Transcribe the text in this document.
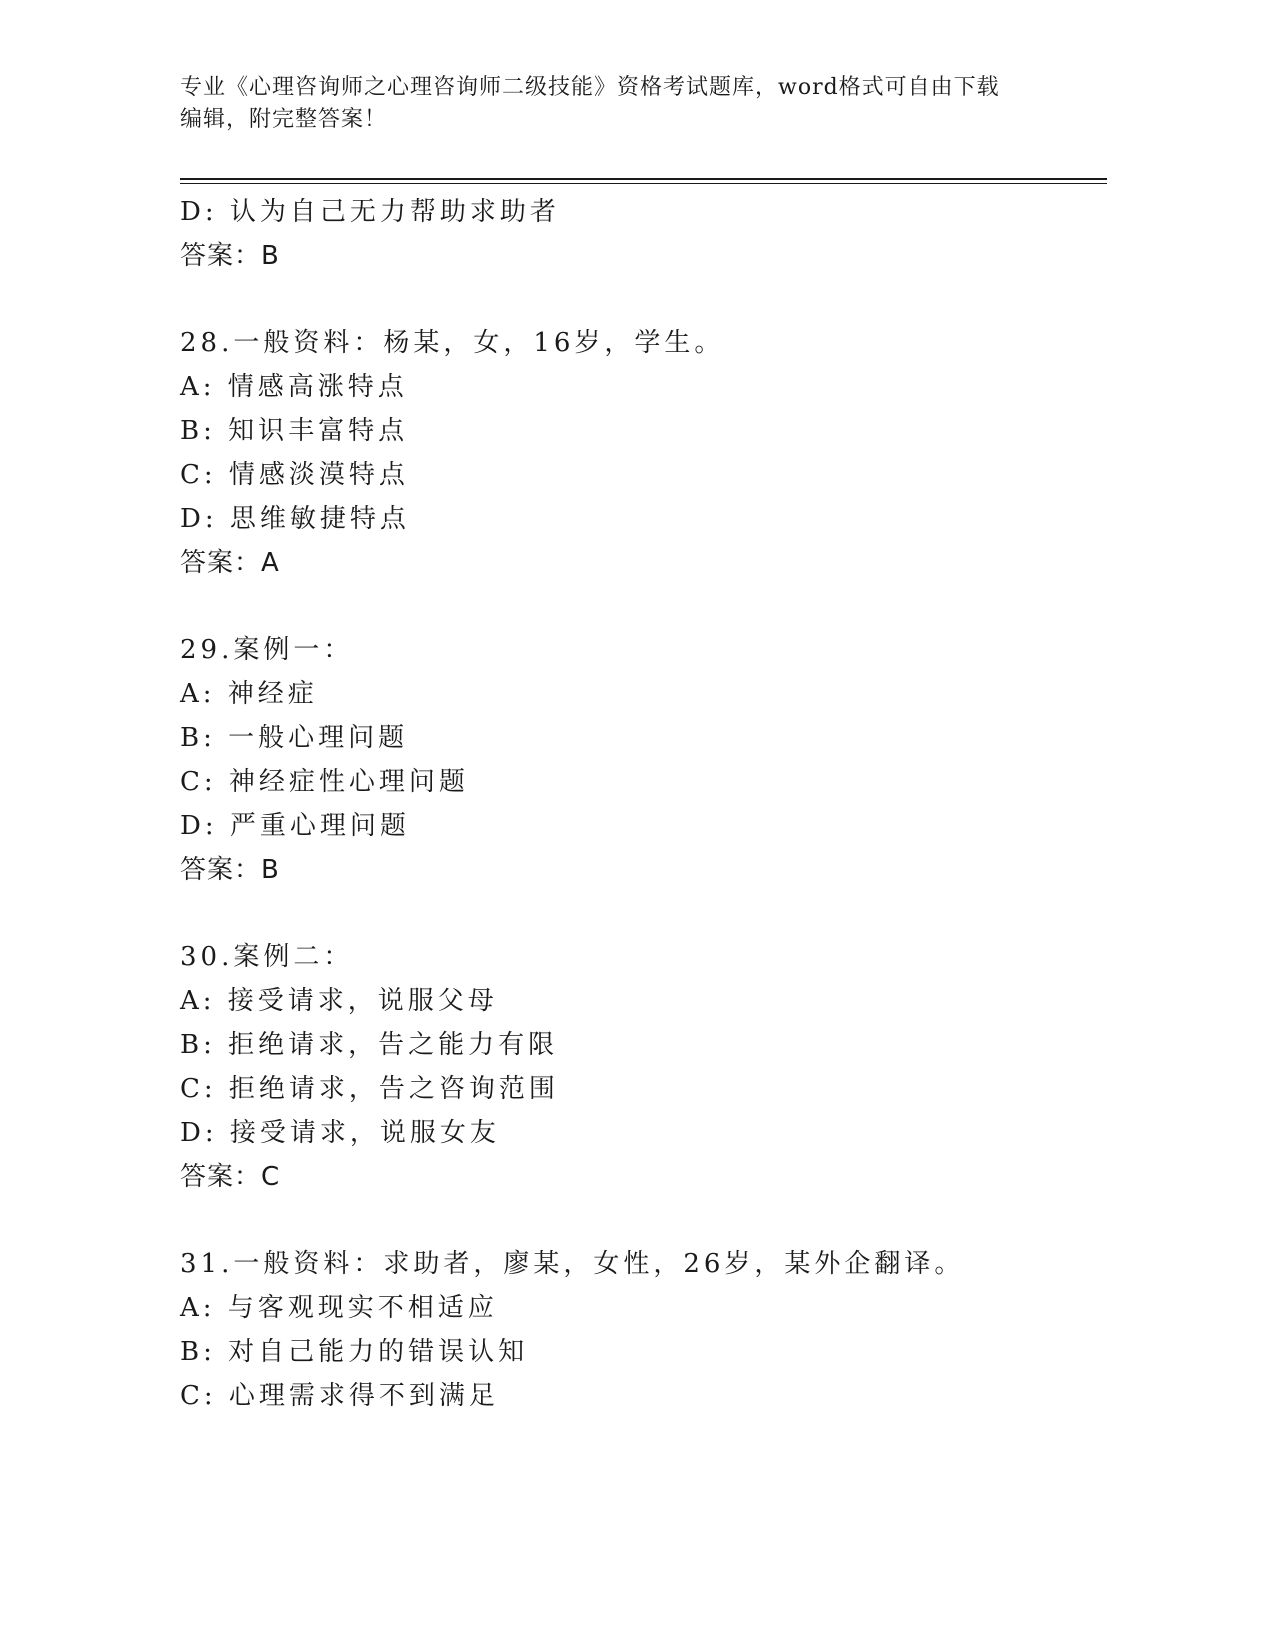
专业《心理咨询师之心理咨询师二级技能》资格考试题库，word格式可自由下载
编辑，附完整答案！
D: 认为自己无力帮助求助者
答案：B
28.一般资料：杨某，女，16岁，学生。
A: 情感高涨特点
B: 知识丰富特点
C: 情感淡漠特点
D: 思维敏捷特点
答案：A
29.案例一：
A: 神经症
B: 一般心理问题
C: 神经症性心理问题
D: 严重心理问题
答案：B
30.案例二：
A: 接受请求，说服父母
B: 拒绝请求，告之能力有限
C: 拒绝请求，告之咨询范围
D: 接受请求，说服女友
答案：C
31.一般资料：求助者，廖某，女性，26岁，某外企翻译。
A: 与客观现实不相适应
B: 对自己能力的错误认知
C: 心理需求得不到满足
